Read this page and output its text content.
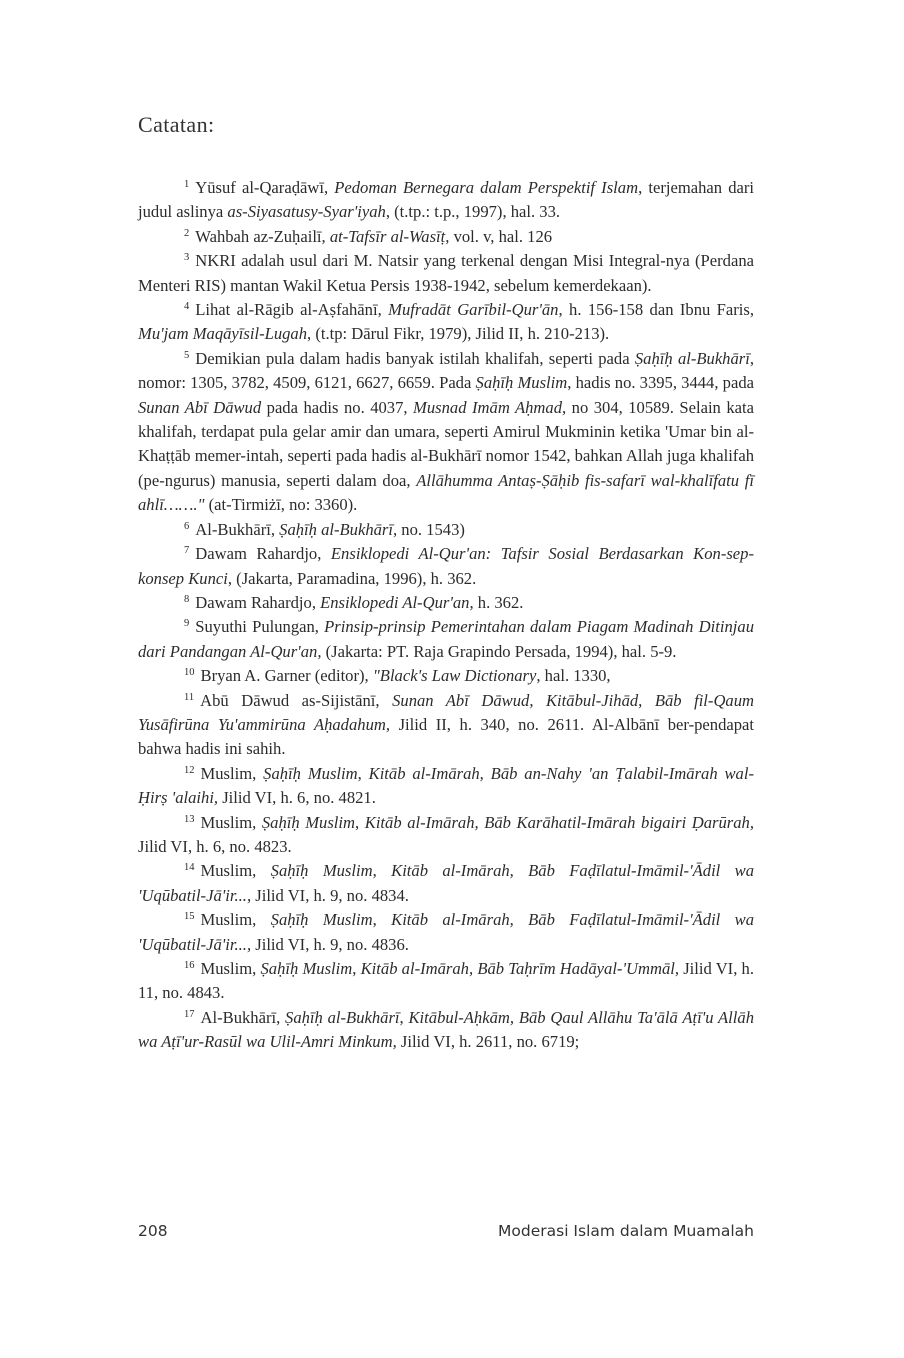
Catatan:

$^1$ Yūsuf al-Qaraḍāwī, Pedoman Bernegara dalam Perspektif Islam, terjemahan dari judul aslinya as-Siyasatusy-Syar'iyah, (t.tp.: t.p., 1997), hal. 33.

$^2$ Wahbah az-Zuḥailī, at-Tafsīr al-Wasīṭ, vol. v, hal. 126

$^3$ NKRI adalah usul dari M. Natsir yang terkenal dengan Misi Integral-nya (Perdana Menteri RIS) mantan Wakil Ketua Persis 1938-1942, sebelum kemerdekaan).

$^4$ Lihat al-Rāgib al-Aṣfahānī, Mufradāt Garībil-Qur'ān, h. 156-158 dan Ibnu Faris, Mu'jam Maqāyīsil-Lugah, (t.tp: Dārul Fikr, 1979), Jilid II, h. 210-213).

$^5$ Demikian pula dalam hadis banyak istilah khalifah, seperti pada Ṣaḥīḥ al-Bukhārī, nomor: 1305, 3782, 4509, 6121, 6627, 6659. Pada Ṣaḥīḥ Muslim, hadis no. 3395, 3444, pada Sunan Abī Dāwud pada hadis no. 4037, Musnad Imām Aḥmad, no 304, 10589. Selain kata khalifah, terdapat pula gelar amir dan umara, seperti Amirul Mukminin ketika 'Umar bin al-Khaṭṭāb memer-intah, seperti pada hadis al-Bukhārī nomor 1542, bahkan Allah juga khalifah (pe-ngurus) manusia, seperti dalam doa, Allāhumma Antaṣ-Ṣāḥib fis-safarī wal-khalīfatu fī ahlī……." (at-Tirmiżī, no: 3360).

$^6$ Al-Bukhārī, Ṣaḥīḥ al-Bukhārī, no. 1543)

$^7$ Dawam Rahardjo, Ensiklopedi Al-Qur'an: Tafsir Sosial Berdasarkan Kon-sep-konsep Kunci, (Jakarta, Paramadina, 1996), h. 362.

$^8$ Dawam Rahardjo, Ensiklopedi Al-Qur'an, h. 362.

$^9$ Suyuthi Pulungan, Prinsip-prinsip Pemerintahan dalam Piagam Madinah Ditinjau dari Pandangan Al-Qur'an, (Jakarta: PT. Raja Grapindo Persada, 1994), hal. 5-9.

$^{10}$ Bryan A. Garner (editor), "Black's Law Dictionary, hal. 1330,

$^{11}$ Abū Dāwud as-Sijistānī, Sunan Abī Dāwud, Kitābul-Jihād, Bāb fil-Qaum Yusāfirūna Yu'ammirūna Aḥadahum, Jilid II, h. 340, no. 2611. Al-Albānī ber-pendapat bahwa hadis ini sahih.

$^{12}$ Muslim, Ṣaḥīḥ Muslim, Kitāb al-Imārah, Bāb an-Nahy 'an Ṭalabil-Imārah wal-Ḥirṣ 'alaihi, Jilid VI, h. 6, no. 4821.

$^{13}$ Muslim, Ṣaḥīḥ Muslim, Kitāb al-Imārah, Bāb Karāhatil-Imārah bigairi Ḍarūrah, Jilid VI, h. 6, no. 4823.

$^{14}$ Muslim, Ṣaḥīḥ Muslim, Kitāb al-Imārah, Bāb Faḍīlatul-Imāmil-'Ādil wa 'Uqūbatil-Jā'ir..., Jilid VI, h. 9, no. 4834.

$^{15}$ Muslim, Ṣaḥīḥ Muslim, Kitāb al-Imārah, Bāb Faḍīlatul-Imāmil-'Ādil wa 'Uqūbatil-Jā'ir..., Jilid VI, h. 9, no. 4836.

$^{16}$ Muslim, Ṣaḥīḥ Muslim, Kitāb al-Imārah, Bāb Taḥrīm Hadāyal-'Ummāl, Jilid VI, h. 11, no. 4843.

$^{17}$ Al-Bukhārī, Ṣaḥīḥ al-Bukhārī, Kitābul-Aḥkām, Bāb Qaul Allāhu Ta'ālā Aṭī'u Allāh wa Aṭī'ur-Rasūl wa Ulil-Amri Minkum, Jilid VI, h. 2611, no. 6719;

208	Moderasi Islam dalam Muamalah
